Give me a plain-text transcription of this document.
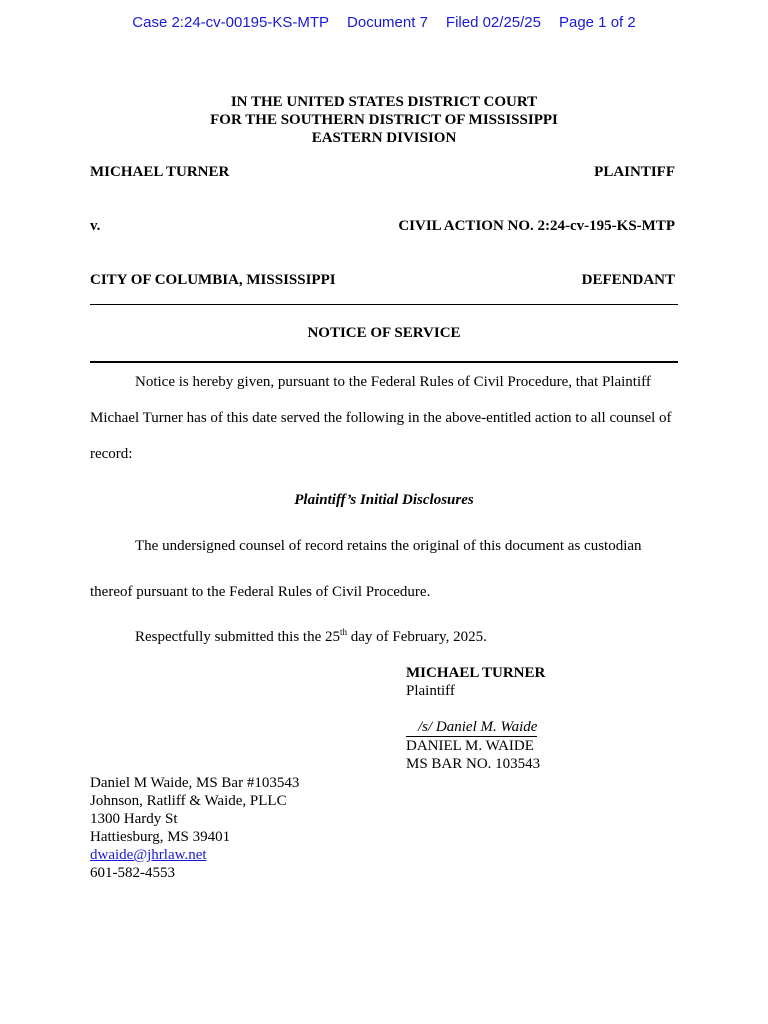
Case 2:24-cv-00195-KS-MTP Document 7 Filed 02/25/25 Page 1 of 2
IN THE UNITED STATES DISTRICT COURT
FOR THE SOUTHERN DISTRICT OF MISSISSIPPI
EASTERN DIVISION
MICHAEL TURNER	PLAINTIFF
v.	CIVIL ACTION NO. 2:24-cv-195-KS-MTP
CITY OF COLUMBIA, MISSISSIPPI	DEFENDANT
NOTICE OF SERVICE
Notice is hereby given, pursuant to the Federal Rules of Civil Procedure, that Plaintiff
Michael Turner has of this date served the following in the above-entitled action to all counsel of
record:
Plaintiff’s Initial Disclosures
The undersigned counsel of record retains the original of this document as custodian
thereof pursuant to the Federal Rules of Civil Procedure.
Respectfully submitted this the 25th day of February, 2025.
MICHAEL TURNER
Plaintiff
/s/ Daniel M. Waide
DANIEL M. WAIDE
MS BAR NO. 103543
Daniel M Waide, MS Bar #103543
Johnson, Ratliff & Waide, PLLC
1300 Hardy St
Hattiesburg, MS 39401
dwaide@jhrlaw.net
601-582-4553
